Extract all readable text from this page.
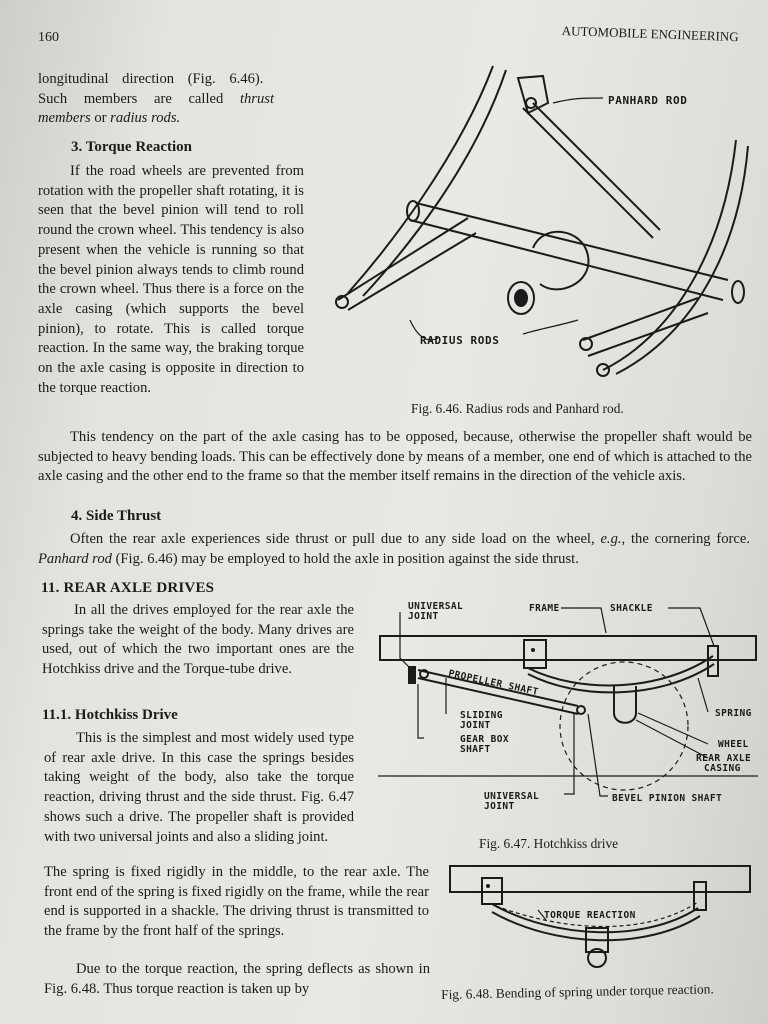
160	AUTOMOBILE ENGINEERING
longitudinal direction (Fig. 6.46).
Such members are called thrust
members or radius rods.
3. Torque Reaction

If the road wheels are prevented from rotation with the propeller shaft rotating, it is seen that the bevel pinion will tend to roll round the crown wheel. This tendency is also present when the vehicle is running so that the bevel pinion always tends to climb round the crown wheel. Thus there is a force on the axle casing (which supports the bevel pinion), to rotate. This is called torque reaction. In the same way, the braking torque on the axle casing is opposite in direction to the torque reaction.

This tendency on the part of the axle casing has to be opposed, because, otherwise the propeller shaft would be subjected to heavy bending loads. This can be effectively done by means of a member, one end of which is attached to the axle casing and the other end to the frame so that the member itself remains in the direction of the vehicle axis.

4. Side Thrust

Often the rear axle experiences side thrust or pull due to any side load on the wheel, e.g., the cornering force. Panhard rod (Fig. 6.46) may be employed to hold the axle in position against the side thrust.

11. REAR AXLE DRIVES

In all the drives employed for the rear axle the springs take the weight of the body. Many drives are used, out of which the two important ones are the Hotchkiss drive and the Torque-tube drive.

11.1. Hotchkiss Drive

This is the simplest and most widely used type of rear axle drive. In this case the springs besides taking weight of the body, also take the torque reaction, driving thrust and the side thrust. Fig. 6.47 shows such a drive. The propeller shaft is provided with two universal joints and also a sliding joint.

The spring is fixed rigidly in the middle, to the rear axle. The front end of the spring is fixed rigidly on the frame, while the rear end is supported in a shackle. The driving thrust is transmitted to the frame by the front half of the springs.

Due to the torque reaction, the spring deflects as shown in Fig. 6.48. Thus torque reaction is taken up by

PANHARD ROD
RADIUS RODS
Fig. 6.46. Radius rods and Panhard rod.
UNIVERSAL
JOINT
FRAME	SHACKLE
PROPELLER SHAFT
SLIDING
JOINT
GEAR BOX
SHAFT
SPRING
WHEEL
REAR AXLE
CASING
UNIVERSAL
JOINT
BEVEL PINION SHAFT
Fig. 6.47. Hotchkiss drive
TORQUE REACTION
Fig. 6.48. Bending of spring under torque reaction.
